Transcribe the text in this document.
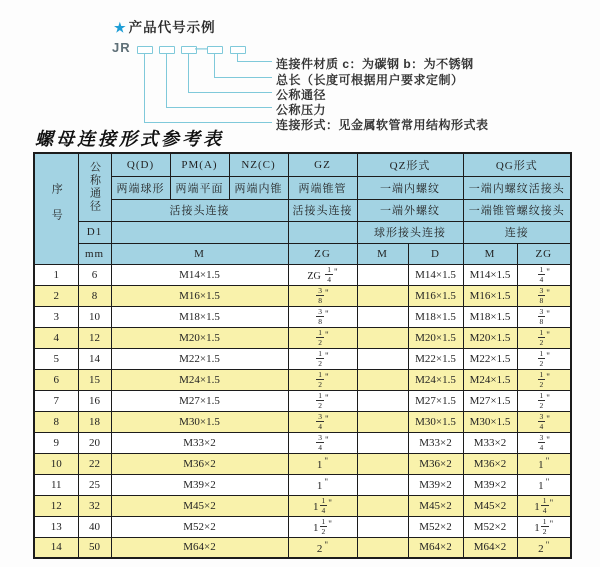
★ 产品代号示例
JR	—
连接件材质 c：为碳钢 b：为不锈钢
总长（长度可根据用户要求定制）
公称通径
公称压力
连接形式：见金属软管常用结构形式表
螺母连接形式参考表
序号	公称通径	Q(D)	PM(A)	NZ(C)	GZ	QZ形式		QG形式	
		两端球形	两端平面	两端内锥	两端锥管	一端内螺纹		一端内螺纹活接头	
		活接头连接			活接头连接	一端外螺纹		一端锥管螺纹接头	
	D1					球形接头连接		连接	
	mm	M			ZG	M	D	M	ZG
1	6	M14×1.5			ZG $\frac{1}{4} ^"$		M14×1.5	M14×1.5	$\frac{1}{4} ^"$
2	8	M16×1.5			$\frac{3}{8} ^"$		M16×1.5	M16×1.5	$\frac{3}{8} ^"$
3	10	M18×1.5			$\frac{3}{8} ^"$		M18×1.5	M18×1.5	$\frac{3}{8} ^"$
4	12	M20×1.5			$\frac{1}{2} ^"$		M20×1.5	M20×1.5	$\frac{1}{2} ^"$
5	14	M22×1.5			$\frac{1}{2} ^"$		M22×1.5	M22×1.5	$\frac{1}{2} ^"$
6	15	M24×1.5			$\frac{1}{2} ^"$		M24×1.5	M24×1.5	$\frac{1}{2} ^"$
7	16	M27×1.5			$\frac{1}{2} ^"$		M27×1.5	M27×1.5	$\frac{1}{2} ^"$
8	18	M30×1.5			$\frac{3}{4} ^"$		M30×1.5	M30×1.5	$\frac{3}{4} ^"$
9	20	M33×2			$\frac{3}{4} ^"$		M33×2	M33×2	$\frac{3}{4} ^"$
10	22	M36×2			1 "		M36×2	M36×2	1 "
11	25	M39×2			1 "		M39×2	M39×2	1 "
12	32	M45×2			$1 \frac{1}{4} ^"$		M45×2	M45×2	$1 \frac{1}{4} ^"$
13	40	M52×2			$1 \frac{1}{2} ^"$		M52×2	M52×2	$1 \frac{1}{2} ^"$
14	50	M64×2			2 "		M64×2	M64×2	2 "
